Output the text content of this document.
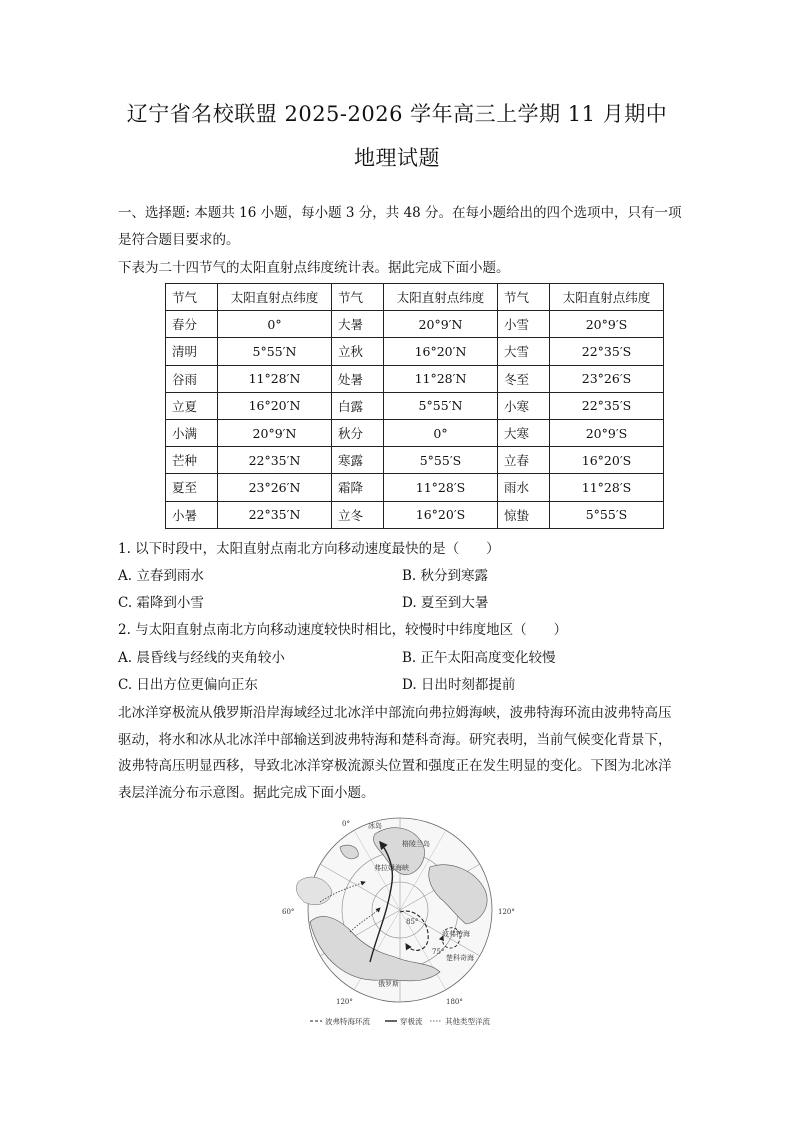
辽宁省名校联盟 2025-2026 学年高三上学期 11 月期中
地理试题
一、选择题: 本题共 16 小题，每小题 3 分，共 48 分。在每小题给出的四个选项中，只有一项是符合题目要求的。
下表为二十四节气的太阳直射点纬度统计表。据此完成下面小题。
节气	太阳直射点纬度	节气	太阳直射点纬度	节气	太阳直射点纬度
春分	0°	大暑	20°9′N	小雪	20°9′S
清明	5°55′N	立秋	16°20′N	大雪	22°35′S
谷雨	11°28′N	处暑	11°28′N	冬至	23°26′S
立夏	16°20′N	白露	5°55′N	小寒	22°35′S
小满	20°9′N	秋分	0°	大寒	20°9′S
芒种	22°35′N	寒露	5°55′S	立春	16°20′S
夏至	23°26′N	霜降	11°28′S	雨水	11°28′S
小暑	22°35′N	立冬	16°20′S	惊蛰	5°55′S
1. 以下时段中，太阳直射点南北方向移动速度最快的是（　　）
A. 立春到雨水	B. 秋分到寒露
C. 霜降到小雪	D. 夏至到大暑
2. 与太阳直射点南北方向移动速度较快时相比，较慢时中纬度地区（　　）
A. 晨昏线与经线的夹角较小	B. 正午太阳高度变化较慢
C. 日出方位更偏向正东	D. 日出时刻都提前
北冰洋穿极流从俄罗斯沿岸海域经过北冰洋中部流向弗拉姆海峡，波弗特海环流由波弗特高压驱动，将水和冰从北冰洋中部输送到波弗特海和楚科奇海。研究表明，当前气候变化背景下，波弗特高压明显西移，导致北冰洋穿极流源头位置和强度正在发生明显的变化。下图为北冰洋表层洋流分布示意图。据此完成下面小题。
0°
60°	120°
120°	180°
冰岛
格陵兰岛
弗拉姆海峡
波弗特海
楚科奇海
俄罗斯
85°
75°
波弗特海环流	穿极流	其他类型洋流
